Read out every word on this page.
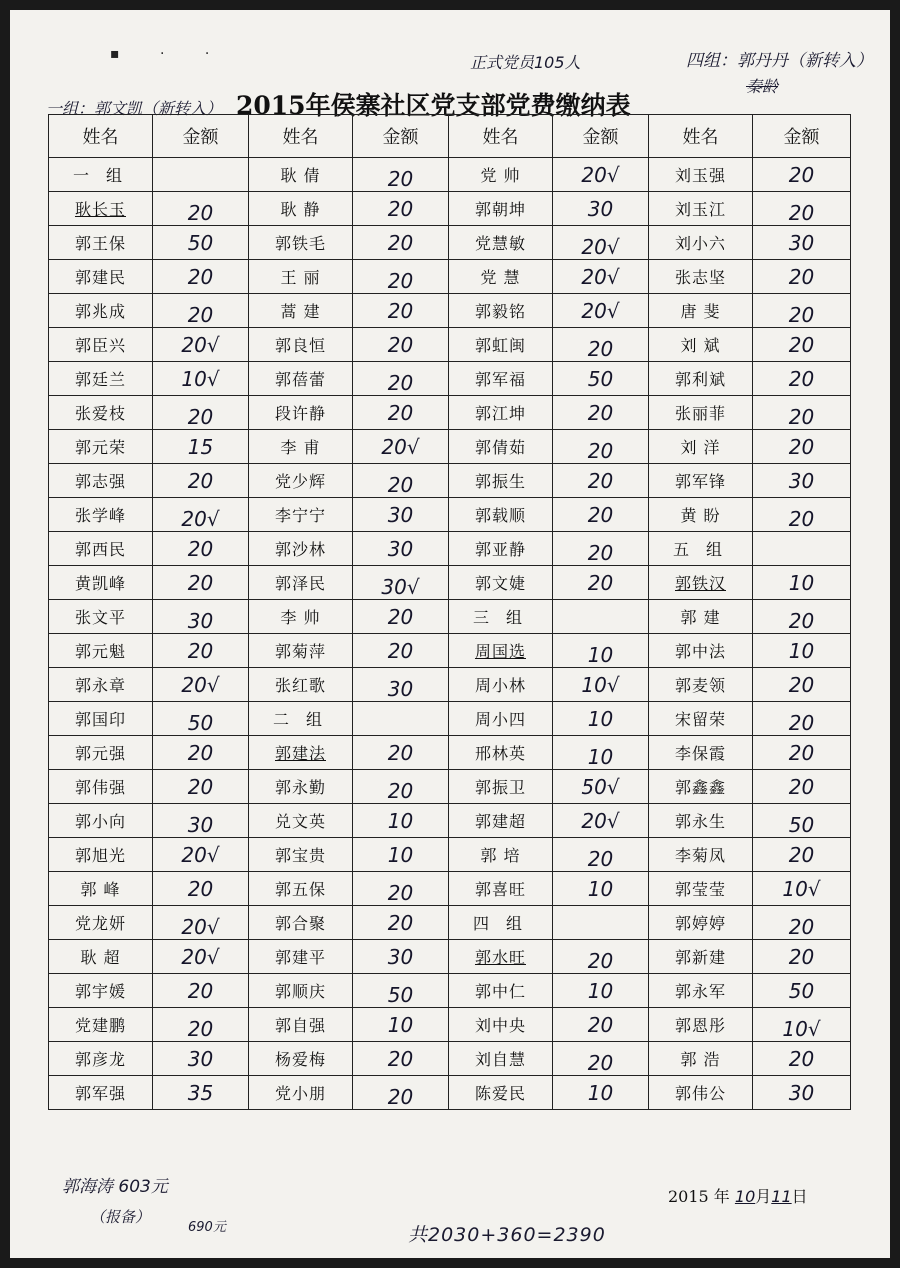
▪ · ·	正式党员105人	四组：郭丹丹（新转入）
秦龄
一组：郭文凯（新转入） 2015年侯寨社区党支部党费缴纳表
姓名	金额	姓名	金额	姓名	金额	姓名	金额
一 组		耿 倩	20	党 帅	20√	刘玉强	20
耿长玉	20	耿 静	20	郭朝坤	30	刘玉江	20
郭王保	50	郭铁毛	20	党慧敏	20√	刘小六	30
郭建民	20	王 丽	20	党 慧	20√	张志坚	20
郭兆成	20	蒿 建	20	郭毅铭	20√	唐 斐	20
郭臣兴	20√	郭良恒	20	郭虹闽	20	刘 斌	20
郭廷兰	10√	郭蓓蕾	20	郭军福	50	郭利斌	20
张爱枝	20	段许静	20	郭江坤	20	张丽菲	20
郭元荣	15	李 甫	20√	郭倩茹	20	刘 洋	20
郭志强	20	党少辉	20	郭振生	20	郭军锋	30
张学峰	20√	李宁宁	30	郭载顺	20	黄 盼	20
郭西民	20	郭沙林	30	郭亚静	20	五 组	
黄凯峰	20	郭泽民	30√	郭文婕	20	郭铁汉	10
张文平	30	李 帅	20	三 组		郭 建	20
郭元魁	20	郭菊萍	20	周国选	10	郭中法	10
郭永章	20√	张红歌	30	周小林	10√	郭麦领	20
郭国印	50	二 组		周小四	10	宋留荣	20
郭元强	20	郭建法	20	邢林英	10	李保霞	20
郭伟强	20	郭永勤	20	郭振卫	50√	郭鑫鑫	20
郭小向	30	兑文英	10	郭建超	20√	郭永生	50
郭旭光	20√	郭宝贵	10	郭 培	20	李菊凤	20
郭 峰	20	郭五保	20	郭喜旺	10	郭莹莹	10√
党龙妍	20√	郭合聚	20	四 组		郭婷婷	20
耿 超	20√	郭建平	30	郭水旺	20	郭新建	20
郭宇媛	20	郭顺庆	50	郭中仁	10	郭永军	50
党建鹏	20	郭自强	10	刘中央	20	郭恩彤	10√
郭彦龙	30	杨爱梅	20	刘自慧	20	郭 浩	20
郭军强	35	党小朋	20	陈爱民	10	郭伟公	30
郭海涛 603元
（报备）
690元	共2030+360=2390
2015 年 10月11日
